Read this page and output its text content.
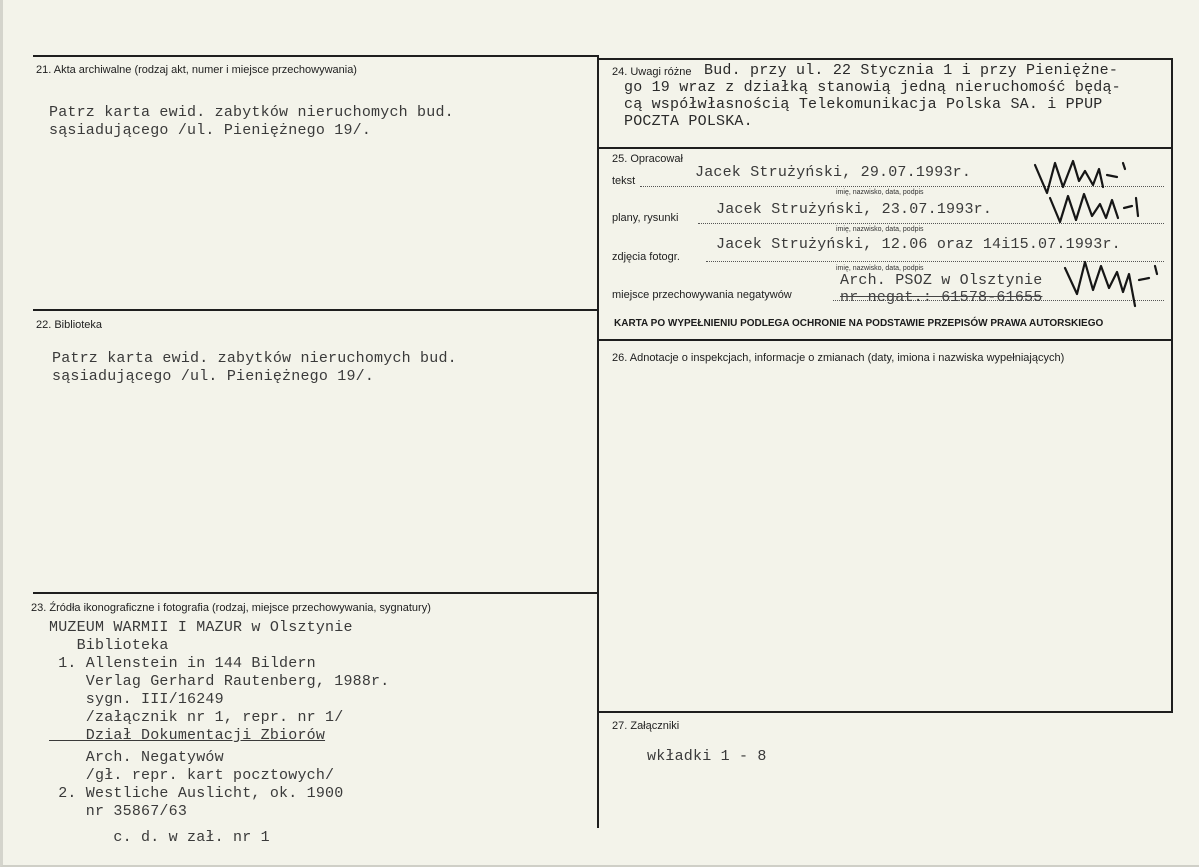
21. Akta archiwalne (rodzaj akt, numer i miejsce przechowywania)
Patrz karta ewid. zabytków nieruchomych bud.
sąsiadującego /ul. Pieniężnego 19/.
22. Biblioteka
Patrz karta ewid. zabytków nieruchomych bud.
sąsiadującego /ul. Pieniężnego 19/.
23. Źródła ikonograficzne i fotografia (rodzaj, miejsce przechowywania, sygnatury)
MUZEUM WARMII I MAZUR w Olsztynie
Biblioteka
1. Allenstein in 144 Bildern
Verlag Gerhard Rautenberg, 1988r.
sygn. III/16249
/załącznik nr 1, repr. nr 1/
Dział Dokumentacji Zbiorów
Arch. Negatywów
/gł. repr. kart pocztowych/
2. Westliche Auslicht, ok. 1900
nr 35867/63
c. d. w zał. nr 1
24. Uwagi różne Bud. przy ul. 22 Stycznia 1 i przy Pieniężne-
go 19 wraz z działką stanowią jedną nieruchomość będą-
cą współwłasnością Telekomunikacja Polska SA. i PPUP
POCZTA POLSKA.
25. Opracował
tekst	Jacek Strużyński, 29.07.1993r.
imię, nazwisko, data, podpis
plany, rysunki	Jacek Strużyński, 23.07.1993r.
imię, nazwisko, data, podpis
zdjęcia fotogr.
Jacek Strużyński, 12.06 oraz 14i15.07.1993r.
imię, nazwisko, data, podpis
miejsce przechowywania negatywów
Arch. PSOZ w Olsztynie
nr negat.: 61578-61655
KARTA PO WYPEŁNIENIU PODLEGA OCHRONIE NA PODSTAWIE PRZEPISÓW PRAWA AUTORSKIEGO
26. Adnotacje o inspekcjach, informacje o zmianach (daty, imiona i nazwiska wypełniających)
27. Załączniki
wkładki 1 - 8
